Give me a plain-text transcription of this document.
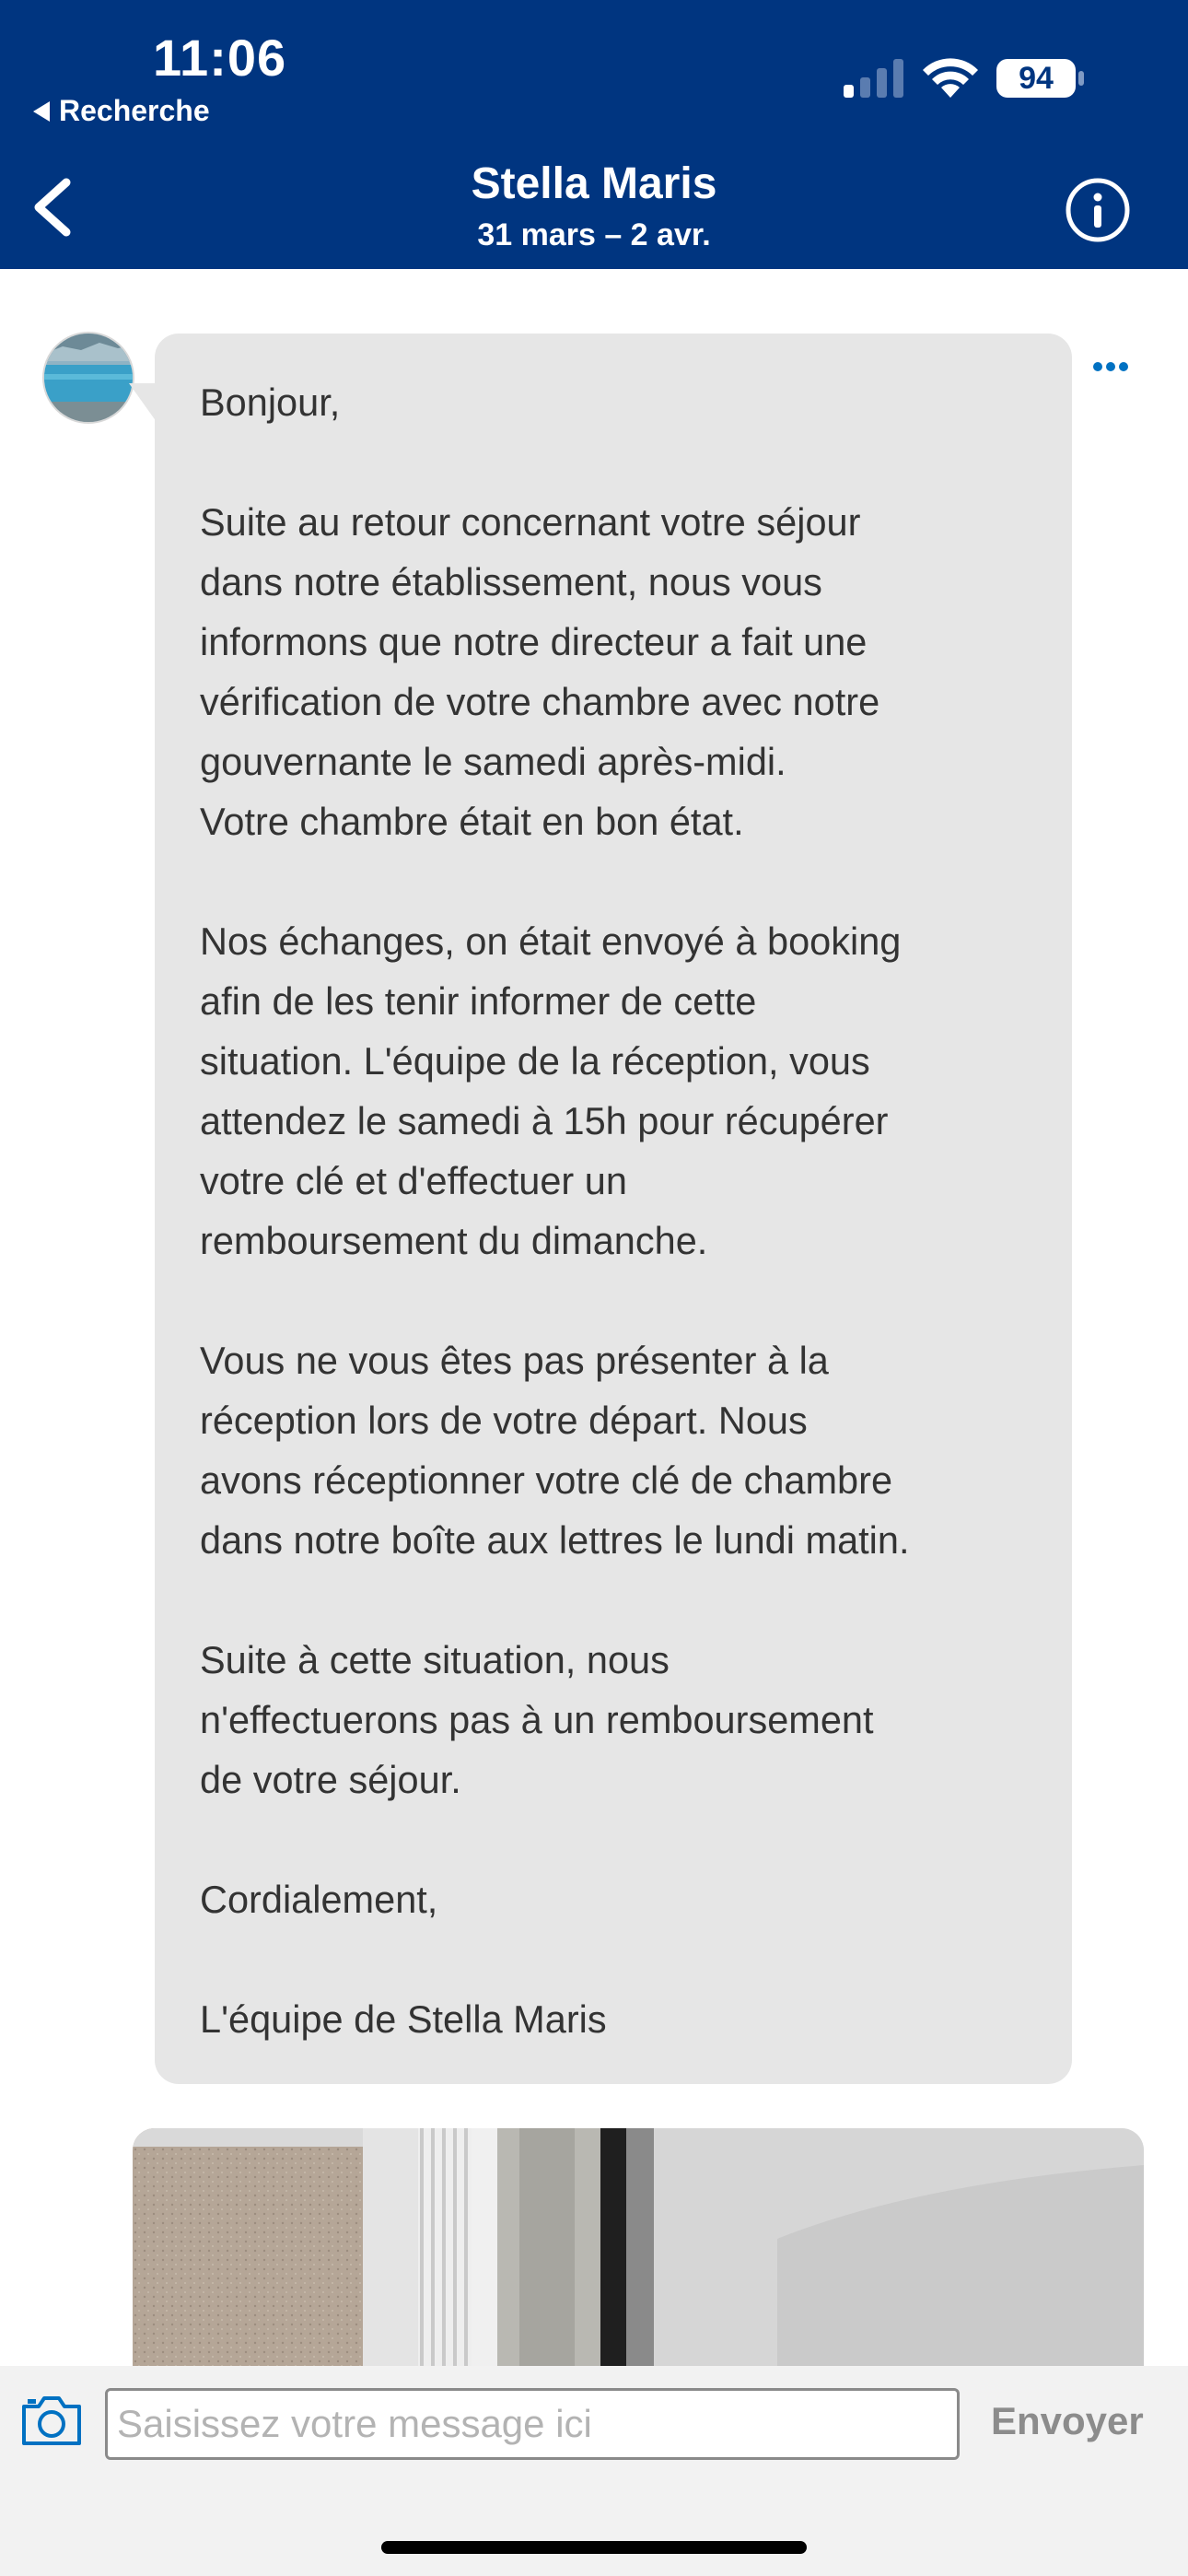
11:06
Recherche
94
Stella Maris
31 mars – 2 avr.
Bonjour,
Suite au retour concernant votre séjour
dans notre établissement, nous vous
informons que notre directeur a fait une
vérification de votre chambre avec notre
gouvernante le samedi après-midi.
Votre chambre était en bon état.
Nos échanges, on était envoyé à booking
afin de les tenir informer de cette
situation. L'équipe de la réception, vous
attendez le samedi à 15h pour récupérer
votre clé et d'effectuer un
remboursement du dimanche.
Vous ne vous êtes pas présenter à la
réception lors de votre départ. Nous
avons réceptionner votre clé de chambre
dans notre boîte aux lettres le lundi matin.
Suite à cette situation, nous
n'effectuerons pas à un remboursement
de votre séjour.
Cordialement,
L'équipe de Stella Maris
Saisissez votre message ici
Envoyer
